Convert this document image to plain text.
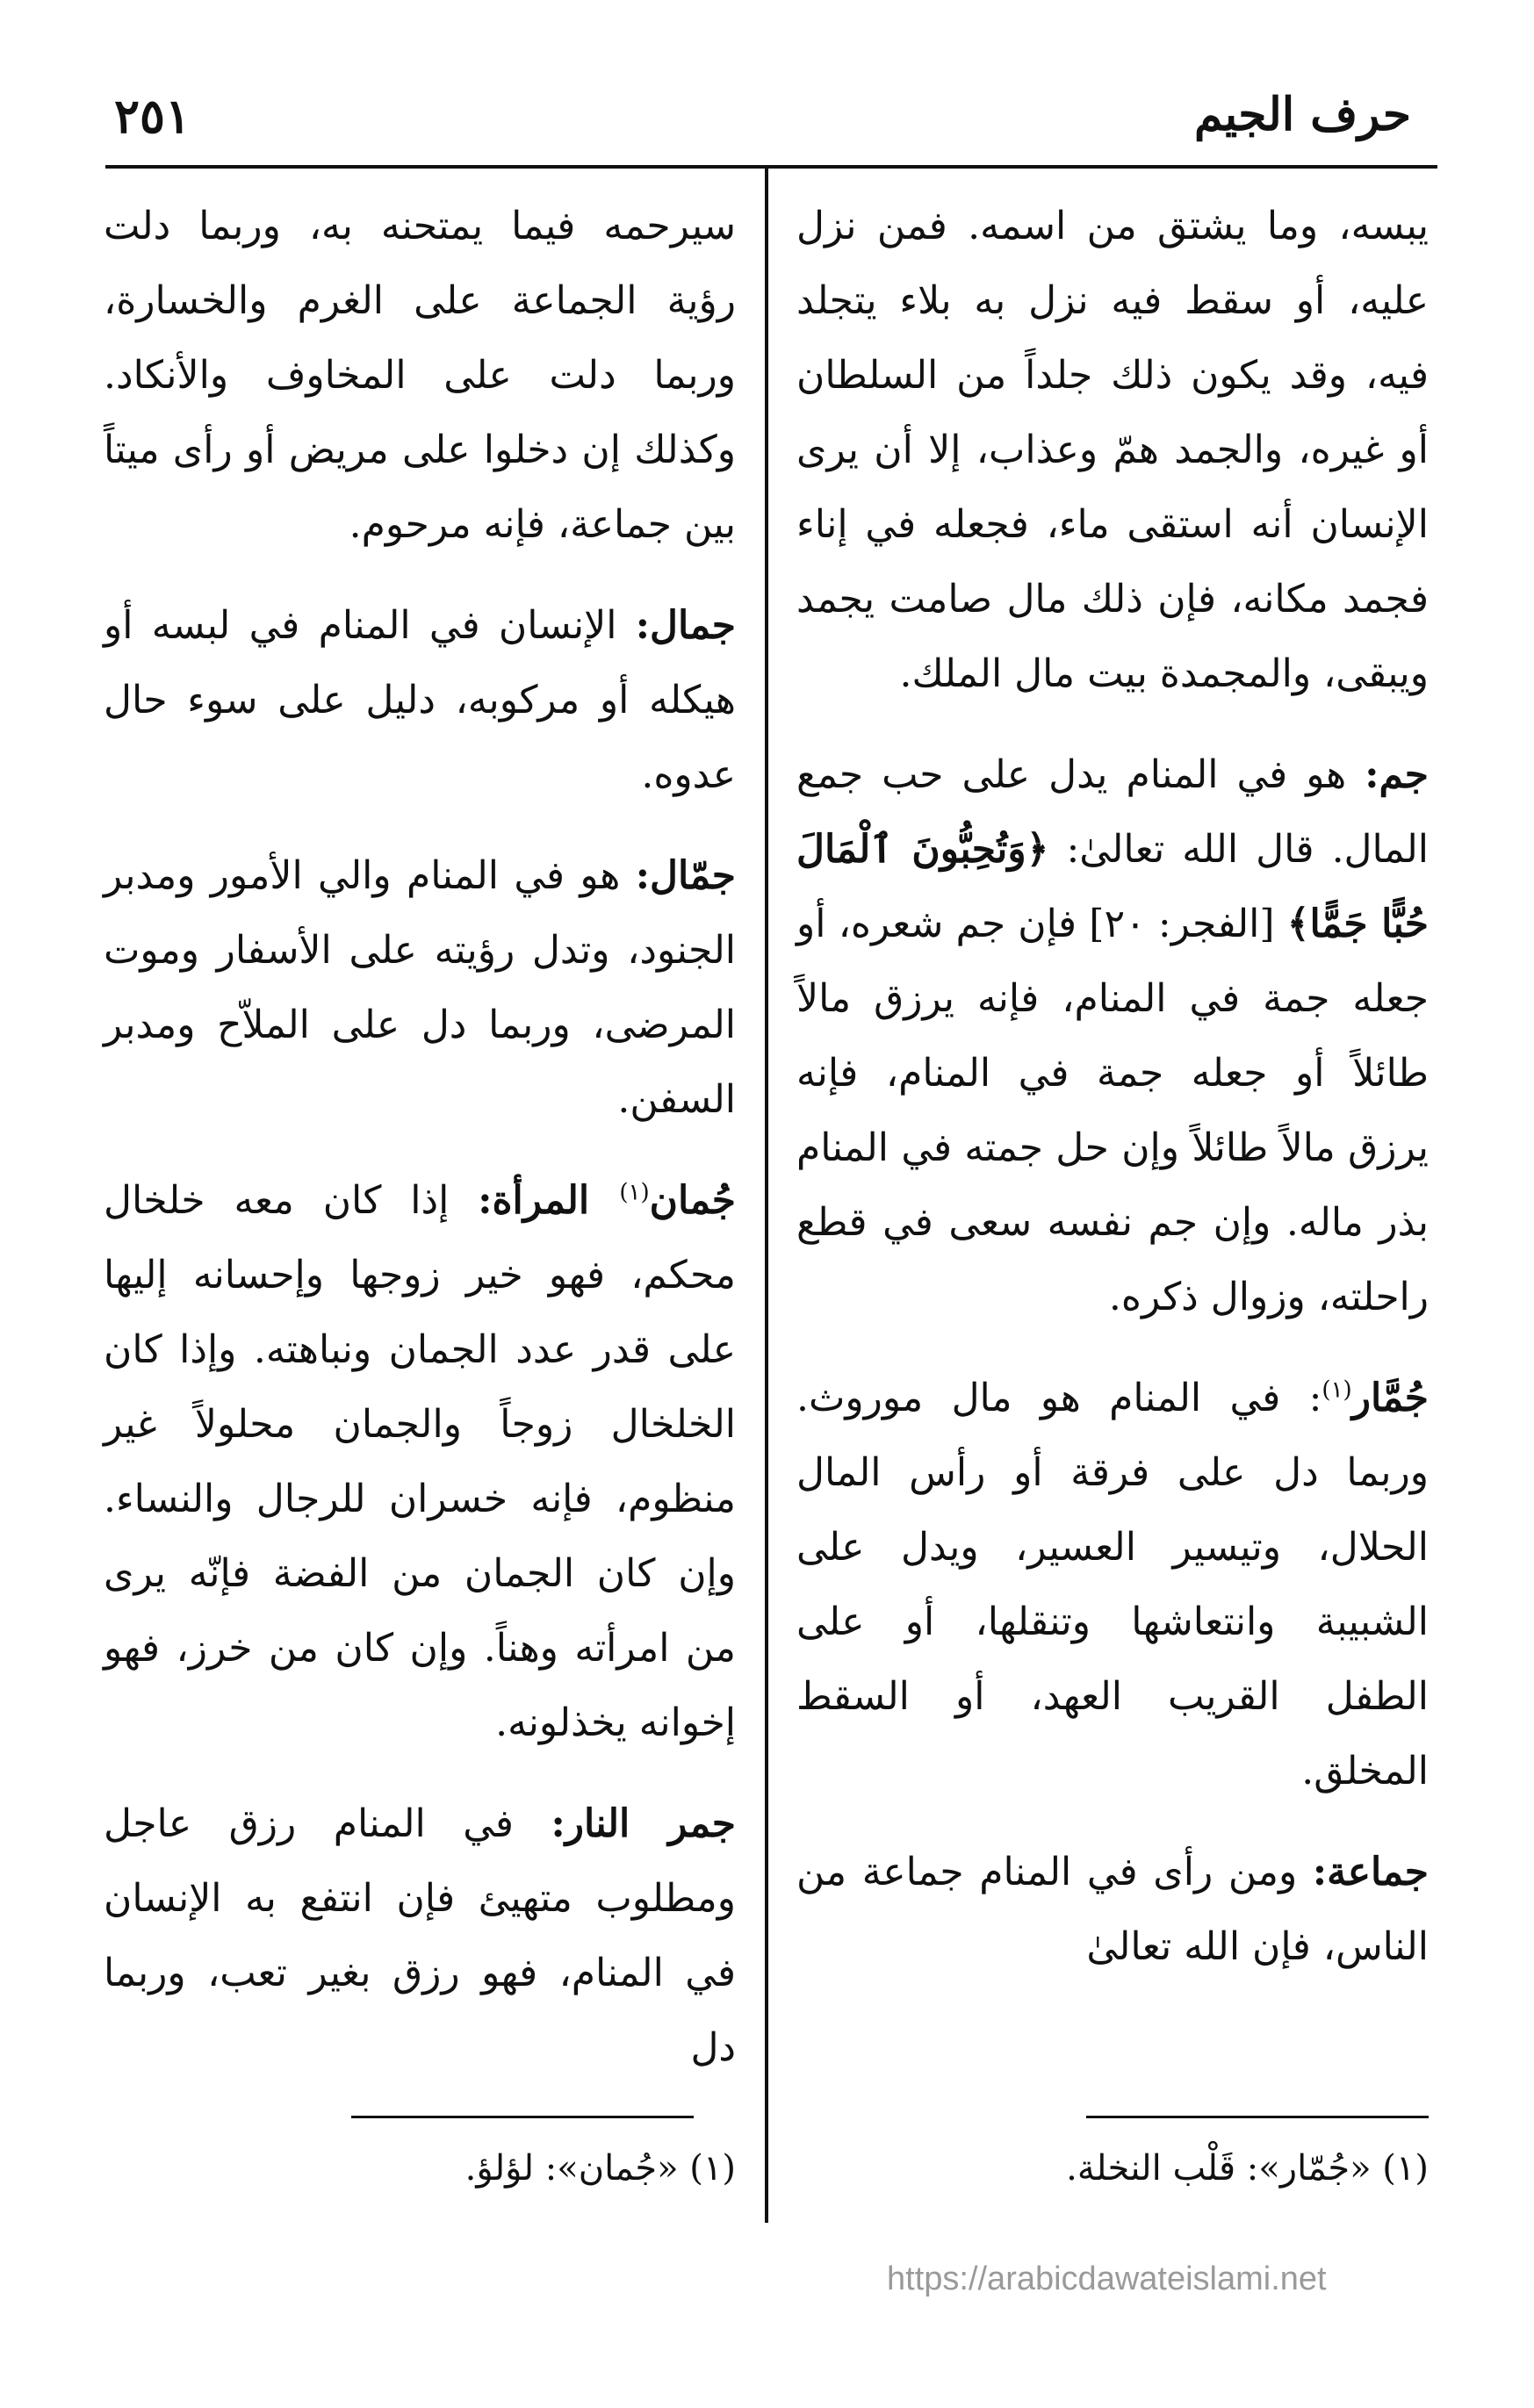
حرف الجيم
٢٥١

يبسه، وما يشتق من اسمه. فمن نزل عليه، أو سقط فيه نزل به بلاء يتجلد فيه، وقد يكون ذلك جلداً من السلطان أو غيره، والجمد همّ وعذاب، إلا أن يرى الإنسان أنه استقى ماء، فجعله في إناء فجمد مكانه، فإن ذلك مال صامت يجمد ويبقى، والمجمدة بيت مال الملك.

جم: هو في المنام يدل على حب جمع المال. قال الله تعالىٰ: ﴿وَتُحِبُّونَ ٱلْمَالَ حُبًّا جَمًّا﴾ [الفجر: ٢٠] فإن جم شعره، أو جعله جمة في المنام، فإنه يرزق مالاً طائلاً أو جعله جمة في المنام، فإنه يرزق مالاً طائلاً وإن حل جمته في المنام بذر ماله. وإن جم نفسه سعى في قطع راحلته، وزوال ذكره.

جُمَّار$^{(١)}$: في المنام هو مال موروث. وربما دل على فرقة أو رأس المال الحلال، وتيسير العسير، ويدل على الشبيبة وانتعاشها وتنقلها، أو على الطفل القريب العهد، أو السقط المخلق.

جماعة: ومن رأى في المنام جماعة من الناس، فإن الله تعالىٰ

سيرحمه فيما يمتحنه به، وربما دلت رؤية الجماعة على الغرم والخسارة، وربما دلت على المخاوف والأنكاد. وكذلك إن دخلوا على مريض أو رأى ميتاً بين جماعة، فإنه مرحوم.

جمال: الإنسان في المنام في لبسه أو هيكله أو مركوبه، دليل على سوء حال عدوه.

جمّال: هو في المنام والي الأمور ومدبر الجنود، وتدل رؤيته على الأسفار وموت المرضى، وربما دل على الملاّح ومدبر السفن.

جُمان$^{(١)}$ المرأة: إذا كان معه خلخال محكم، فهو خير زوجها وإحسانه إليها على قدر عدد الجمان ونباهته. وإذا كان الخلخال زوجاً والجمان محلولاً غير منظوم، فإنه خسران للرجال والنساء. وإن كان الجمان من الفضة فإنّه يرى من امرأته وهناً. وإن كان من خرز، فهو إخوانه يخذلونه.

جمر النار: في المنام رزق عاجل ومطلوب متهيئ فإن انتفع به الإنسان في المنام، فهو رزق بغير تعب، وربما دل

(١) «جُمّار»: قَلْب النخلة.
(١) «جُمان»: لؤلؤ.
https://arabicdawateislami.net
